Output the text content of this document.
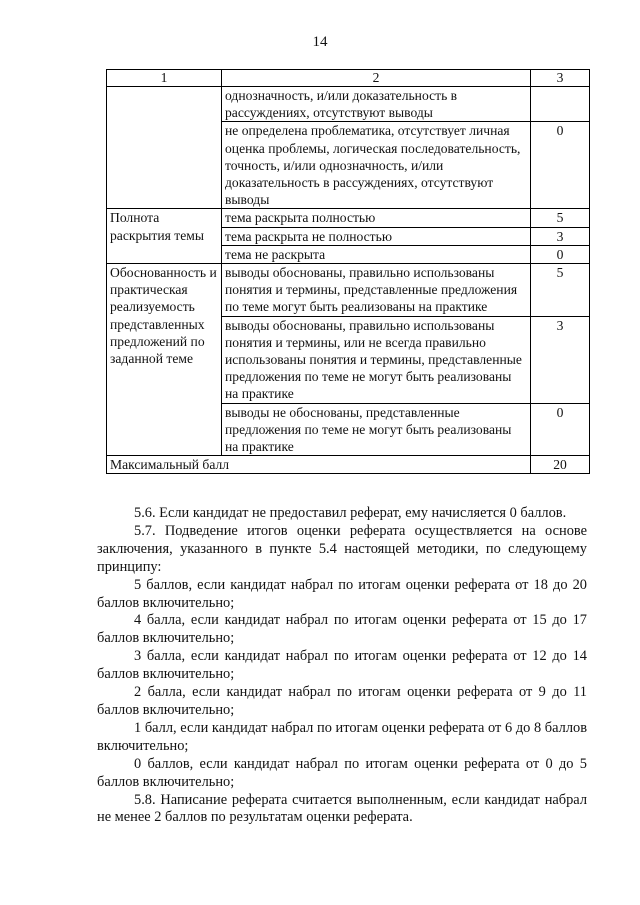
14
1	2	3
	однозначность, и/или доказательность в рассуждениях, отсутствуют выводы	
	не определена проблематика, отсутствует личная оценка проблемы, логическая последовательность, точность, и/или однозначность, и/или доказательность в рассуждениях, отсутствуют выводы	0
Полнота раскрытия темы	тема раскрыта полностью	5
	тема раскрыта не полностью	3
	тема не раскрыта	0
Обоснованность и практическая реализуемость представленных предложений по заданной теме	выводы обоснованы, правильно использованы понятия и термины, представленные предложения по теме могут быть реализованы на практике	5
	выводы обоснованы, правильно использованы понятия и термины, или не всегда правильно использованы понятия и термины, представленные предложения по теме не могут быть реализованы на практике	3
	выводы не обоснованы, представленные предложения по теме не могут быть реализованы на практике	0
Максимальный балл		20

5.6. Если кандидат не предоставил реферат, ему начисляется 0 баллов.

5.7. Подведение итогов оценки реферата осуществляется на основе заключения, указанного в пункте 5.4 настоящей методики, по следующему принципу:

5 баллов, если кандидат набрал по итогам оценки реферата от 18 до 20 баллов включительно;

4 балла, если кандидат набрал по итогам оценки реферата от 15 до 17 баллов включительно;

3 балла, если кандидат набрал по итогам оценки реферата от 12 до 14 баллов включительно;

2 балла, если кандидат набрал по итогам оценки реферата от 9 до 11 баллов включительно;

1 балл, если кандидат набрал по итогам оценки реферата от 6 до 8 баллов включительно;

0 баллов, если кандидат набрал по итогам оценки реферата от 0 до 5 баллов включительно;

5.8. Написание реферата считается выполненным, если кандидат набрал не менее 2 баллов по результатам оценки реферата.
